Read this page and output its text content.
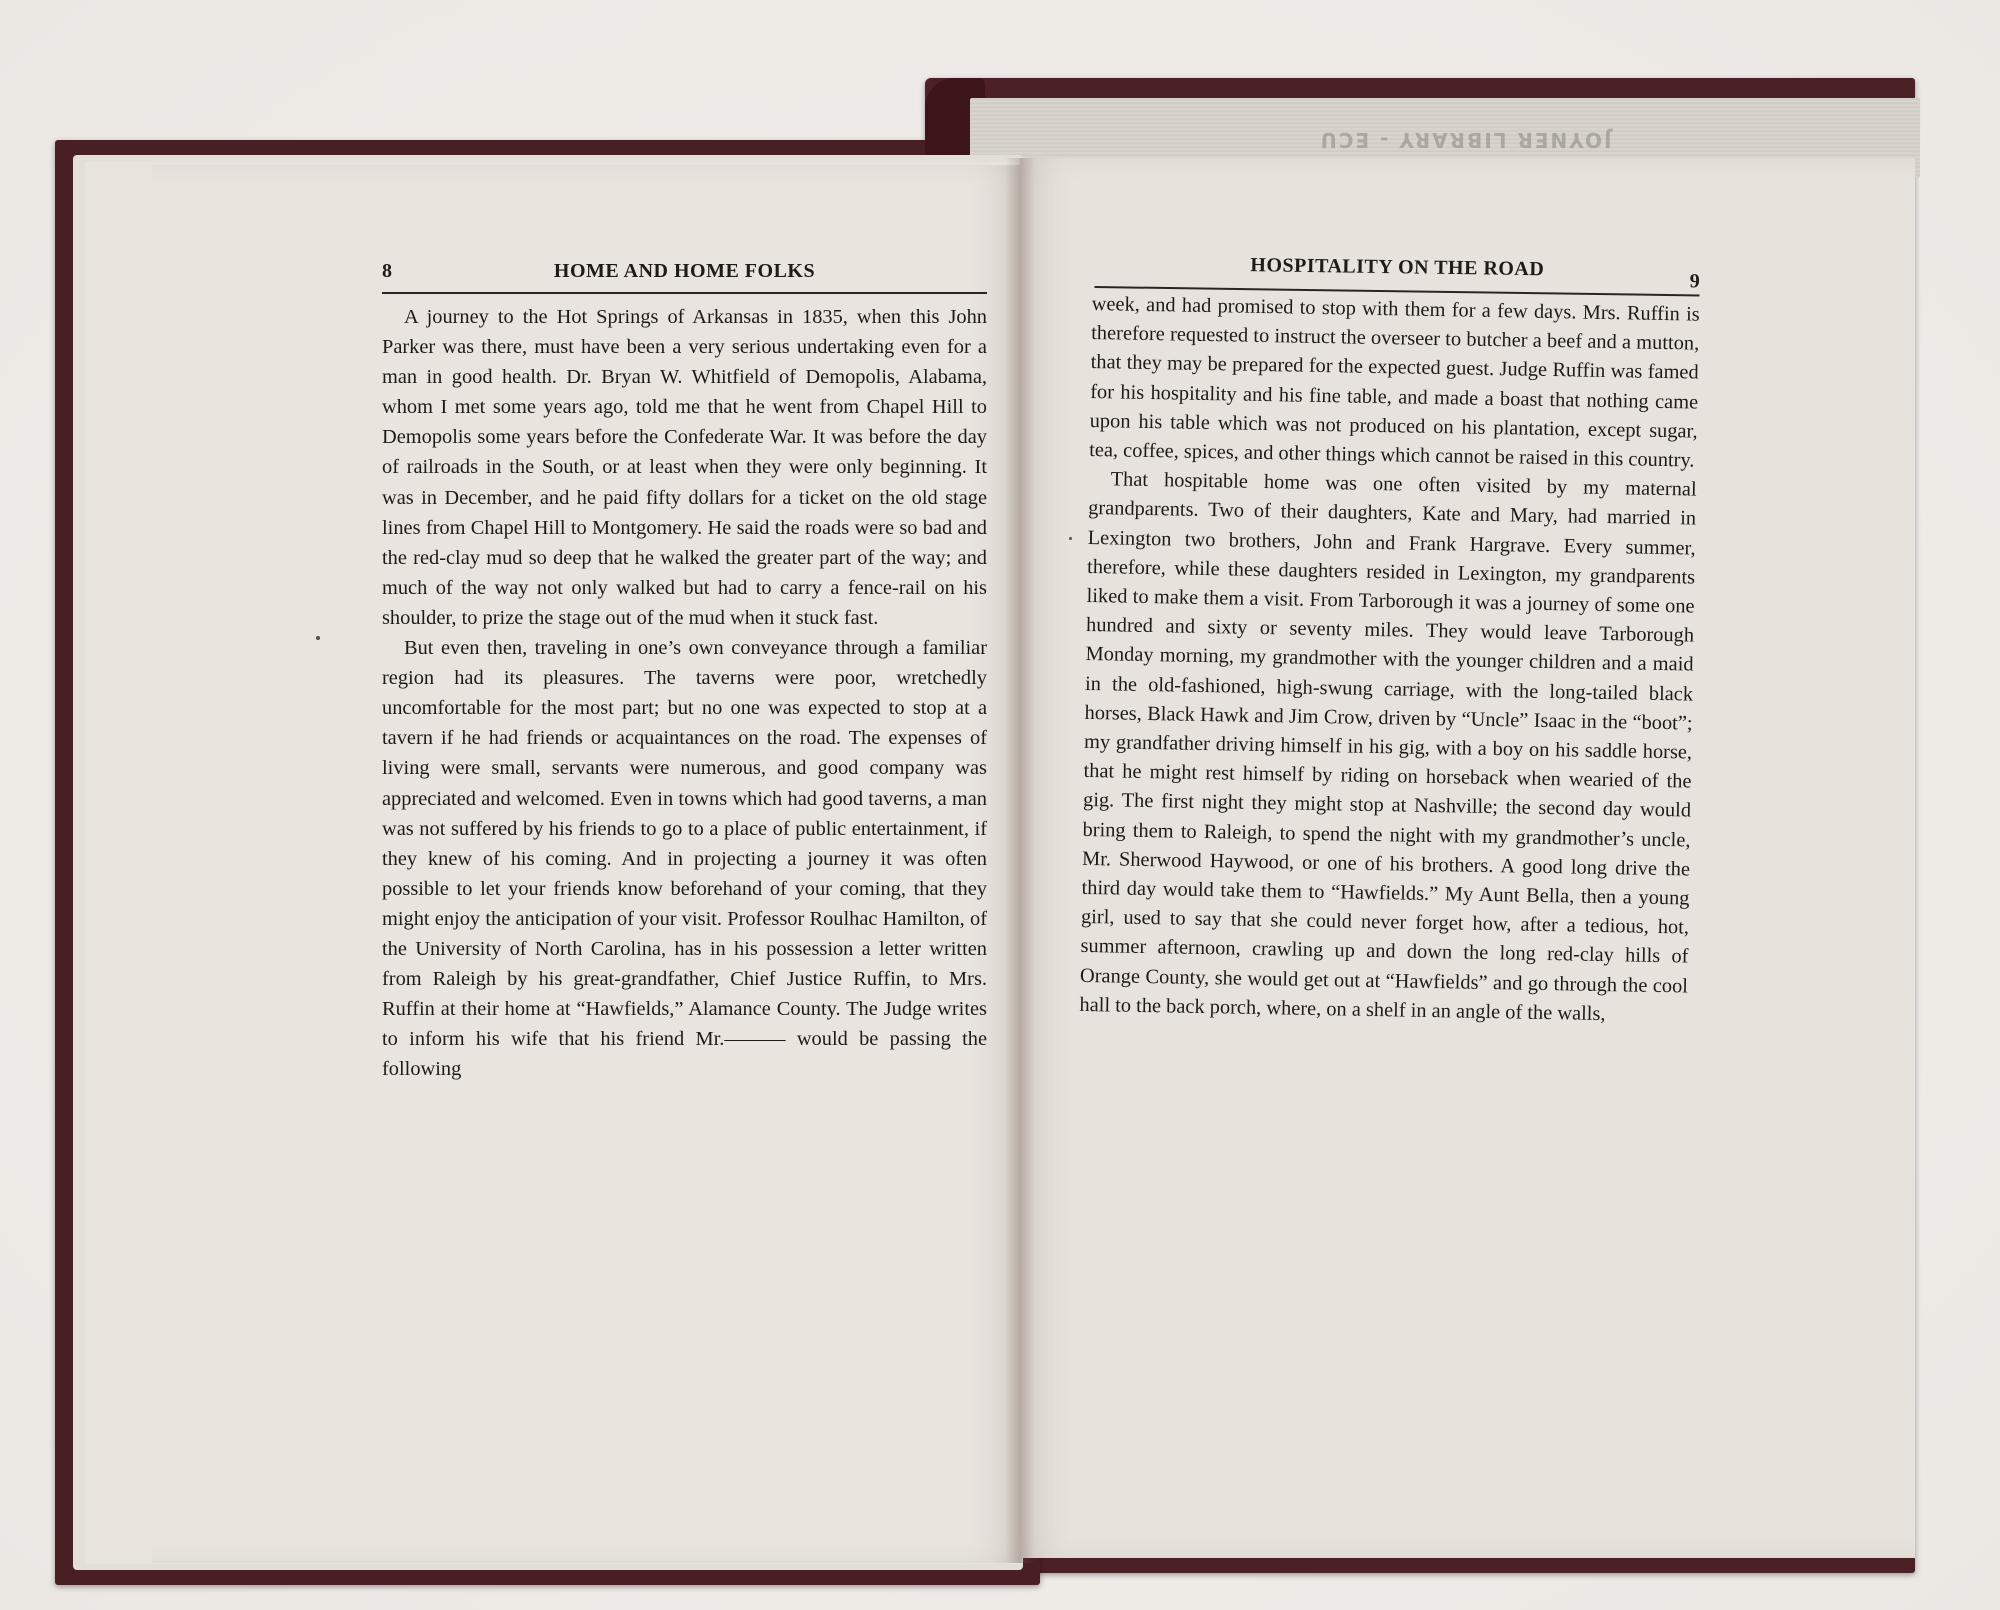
JOYNER LIBRARY - ECU
8	HOME AND HOME FOLKS

A journey to the Hot Springs of Arkansas in 1835, when this John Parker was there, must have been a very serious undertaking even for a man in good health. Dr. Bryan W. Whitfield of Demopolis, Alabama, whom I met some years ago, told me that he went from Chapel Hill to Demopolis some years before the Confederate War. It was before the day of railroads in the South, or at least when they were only beginning. It was in December, and he paid fifty dollars for a ticket on the old stage lines from Chapel Hill to Montgomery. He said the roads were so bad and the red-clay mud so deep that he walked the greater part of the way; and much of the way not only walked but had to carry a fence-rail on his shoulder, to prize the stage out of the mud when it stuck fast.

But even then, traveling in one’s own conveyance through a familiar region had its pleasures. The taverns were poor, wretchedly uncomfortable for the most part; but no one was expected to stop at a tavern if he had friends or acquaintances on the road. The expenses of living were small, servants were numerous, and good company was appreciated and welcomed. Even in towns which had good taverns, a man was not suffered by his friends to go to a place of public entertainment, if they knew of his coming. And in projecting a journey it was often possible to let your friends know beforehand of your coming, that they might enjoy the anticipation of your visit. Professor Roulhac Hamilton, of the University of North Carolina, has in his possession a letter written from Raleigh by his great-grandfather, Chief Justice Ruffin, to Mrs. Ruffin at their home at “Hawfields,” Alamance County. The Judge writes to inform his wife that his friend Mr.——— would be passing the following

HOSPITALITY ON THE ROAD
9

week, and had promised to stop with them for a few days. Mrs. Ruffin is therefore requested to instruct the overseer to butcher a beef and a mutton, that they may be prepared for the expected guest. Judge Ruffin was famed for his hospitality and his fine table, and made a boast that nothing came upon his table which was not produced on his plantation, except sugar, tea, coffee, spices, and other things which cannot be raised in this country.

That hospitable home was one often visited by my maternal grandparents. Two of their daughters, Kate and Mary, had married in Lexington two brothers, John and Frank Hargrave. Every summer, therefore, while these daughters resided in Lexington, my grandparents liked to make them a visit. From Tarborough it was a journey of some one hundred and sixty or seventy miles. They would leave Tarborough Monday morning, my grandmother with the younger children and a maid in the old-fashioned, high-swung carriage, with the long-tailed black horses, Black Hawk and Jim Crow, driven by “Uncle” Isaac in the “boot”; my grandfather driving himself in his gig, with a boy on his saddle horse, that he might rest himself by riding on horseback when wearied of the gig. The first night they might stop at Nashville; the second day would bring them to Raleigh, to spend the night with my grandmother’s uncle, Mr. Sherwood Haywood, or one of his brothers. A good long drive the third day would take them to “Hawfields.” My Aunt Bella, then a young girl, used to say that she could never forget how, after a tedious, hot, summer afternoon, crawling up and down the long red-clay hills of Orange County, she would get out at “Hawfields” and go through the cool hall to the back porch, where, on a shelf in an angle of the walls,
